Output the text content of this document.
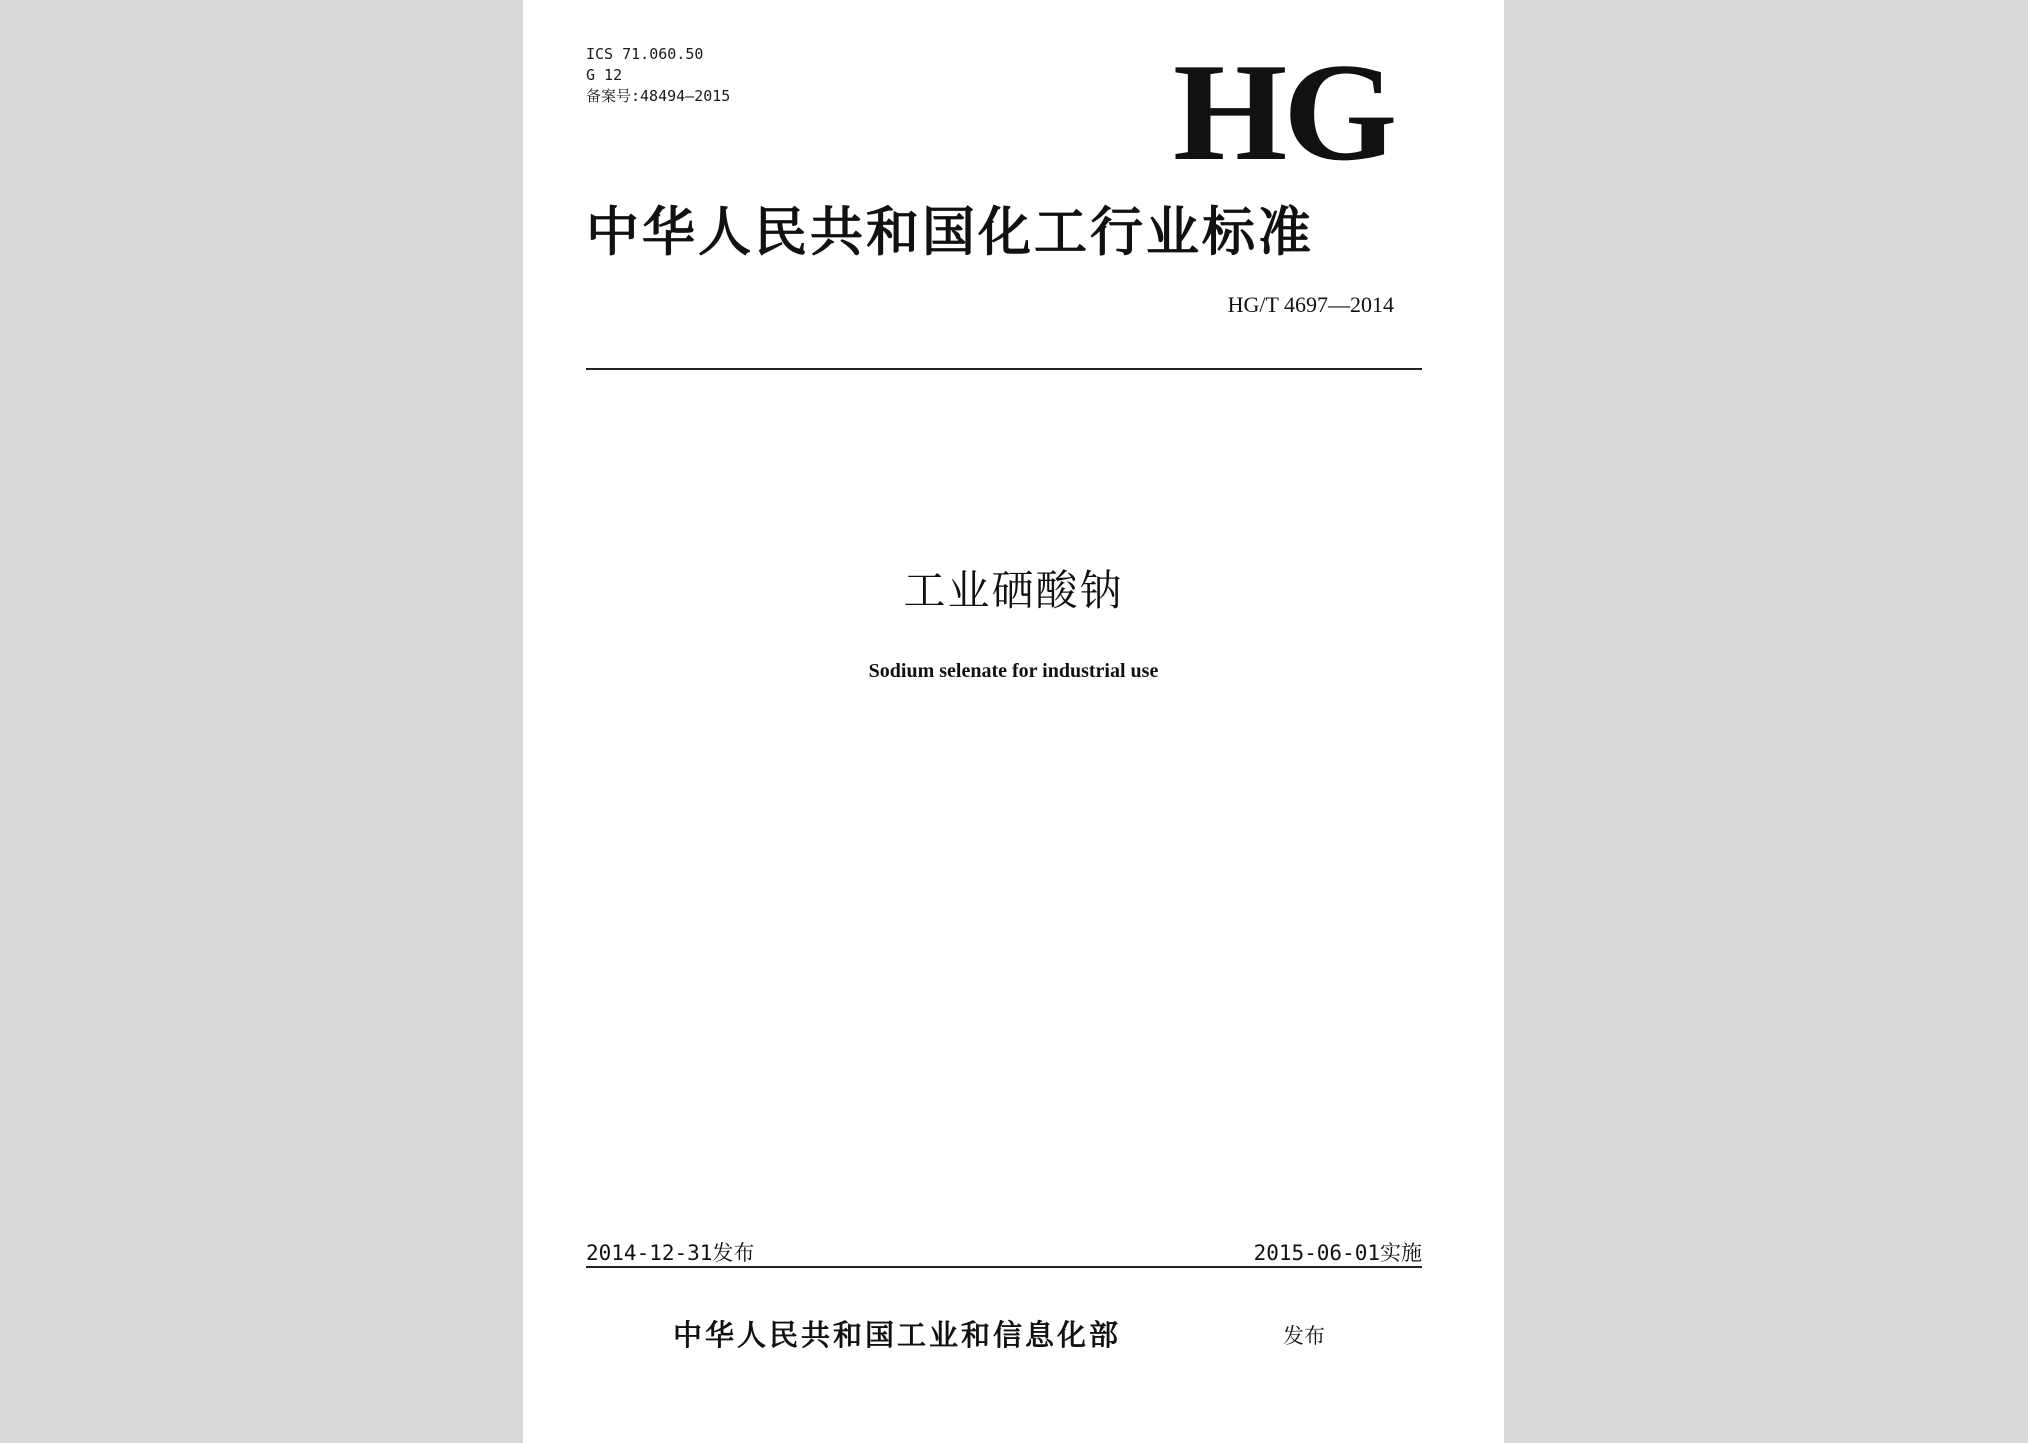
ICS 71.060.50
G 12
备案号:48494—2015	HG
中华人民共和国化工行业标准
HG/T 4697—2014
工业硒酸钠
Sodium selenate for industrial use
2014-12-31发布	2015-06-01实施
中华人民共和国工业和信息化部	发布
